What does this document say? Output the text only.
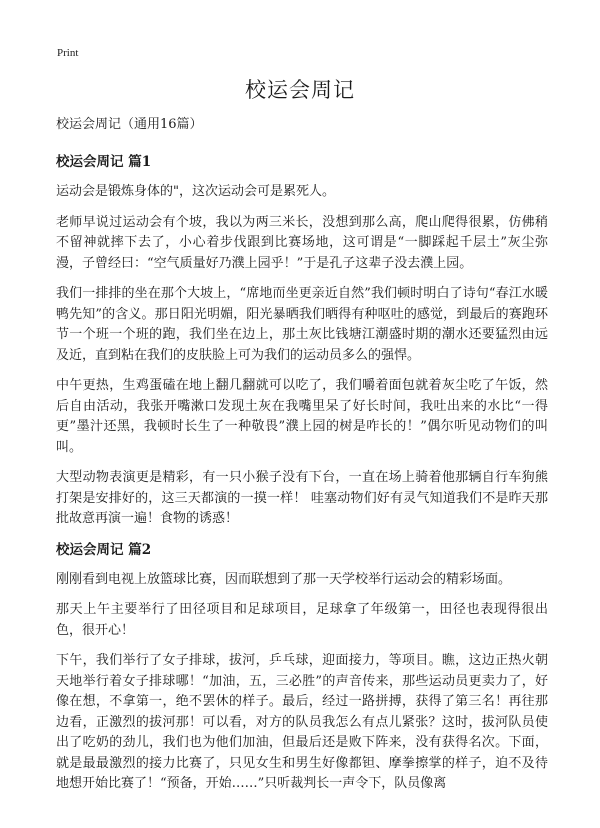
Print
校运会周记

校运会周记（通用16篇）

校运会周记 篇1

运动会是锻炼身体的"，这次运动会可是累死人。

老师早说过运动会有个坡，我以为两三米长，没想到那么高，爬山爬得很累，仿佛稍不留神就摔下去了，小心着步伐跟到比赛场地，这可谓是“一脚踩起千层土”灰尘弥漫，子曾经曰：“空气质量好乃濮上园乎！”于是孔子这辈子没去濮上园。

我们一排排的坐在那个大坡上，“席地而坐更亲近自然”我们顿时明白了诗句“春江水暖鸭先知”的含义。那日阳光明媚，阳光暴晒我们晒得有种呕吐的感觉，到最后的赛跑环节一个班一个班的跑，我们坐在边上，那土灰比钱塘江潮盛时期的潮水还要猛烈由远及近，直到粘在我们的皮肤脸上可为我们的运动员多么的强悍。

中午更热，生鸡蛋磕在地上翻几翻就可以吃了，我们嚼着面包就着灰尘吃了午饭，然后自由活动，我张开嘴漱口发现土灰在我嘴里呆了好长时间，我吐出来的水比“一得更”墨汁还黑，我顿时长生了一种敬畏”濮上园的树是咋长的！”偶尔听见动物们的叫叫。

大型动物表演更是精彩，有一只小猴子没有下台，一直在场上骑着他那辆自行车狗熊打架是安排好的，这三天都演的一摸一样！ 哇塞动物们好有灵气知道我们不是昨天那批故意再演一遍！食物的诱惑！

校运会周记 篇2

刚刚看到电视上放篮球比赛，因而联想到了那一天学校举行运动会的精彩场面。

那天上午主要举行了田径项目和足球项目，足球拿了年级第一，田径也表现得很出色，很开心！

下午，我们举行了女子排球，拔河，乒乓球，迎面接力，等项目。瞧，这边正热火朝天地举行着女子排球哪！“加油，五，三必胜”的声音传来，那些运动员更卖力了，好像在想，不拿第一，绝不罢休的样子。最后，经过一路拼搏，获得了第三名！再往那边看，正激烈的拔河那！可以看，对方的队员我怎么有点儿紧张？这时，拔河队员使出了吃奶的劲儿，我们也为他们加油，但最后还是败下阵来，没有获得名次。下面，就是最最激烈的接力比赛了，只见女生和男生好像都钽、摩拳擦掌的样子，迫不及待地想开始比赛了！“预备，开始……”只听裁判长一声令下，队员像离
